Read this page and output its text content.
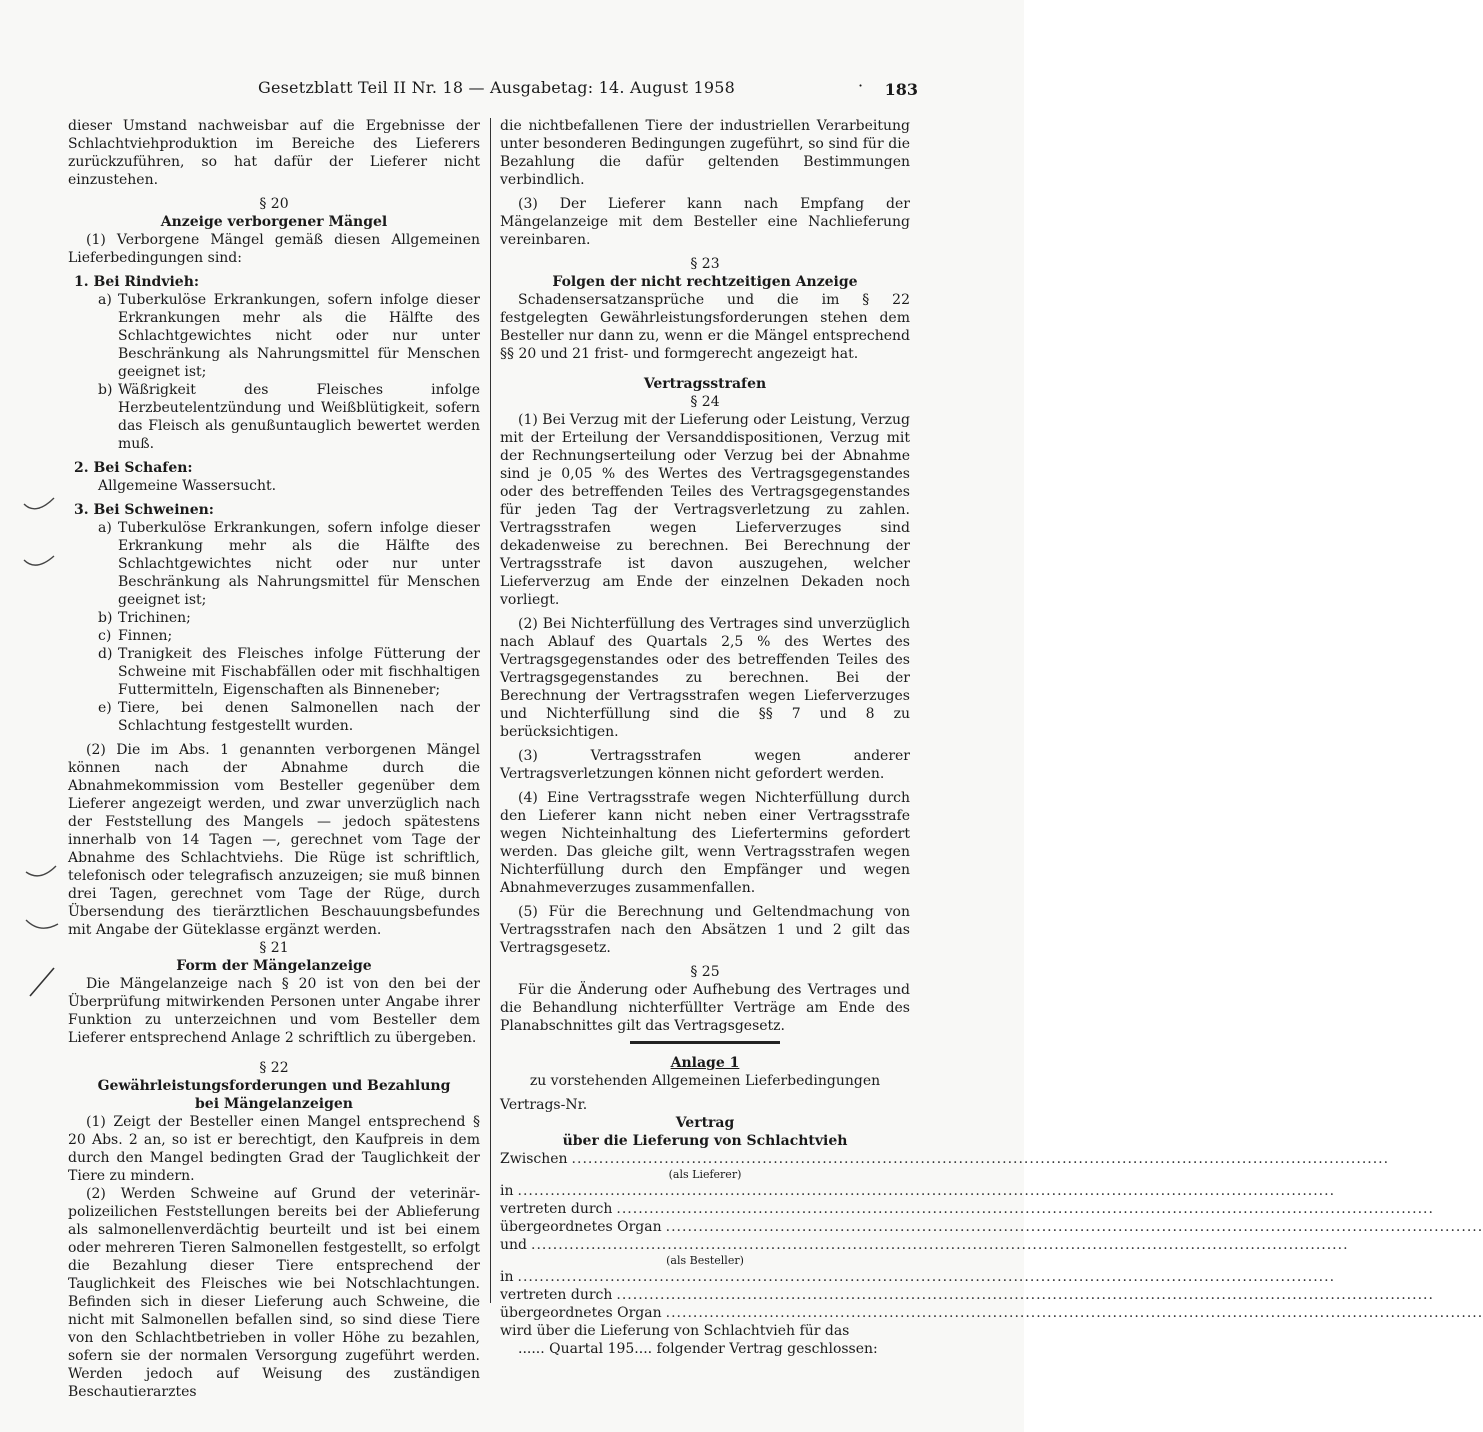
Gesetzblatt Teil II Nr. 18 — Ausgabetag: 14. August 1958	· 183

dieser Umstand nachweisbar auf die Ergebnisse der Schlachtviehproduktion im Bereiche des Lieferers zurückzuführen, so hat dafür der Lieferer nicht einzustehen.

§ 20

Anzeige verborgener Mängel

(1) Verborgene Mängel gemäß diesen Allgemeinen Lieferbedingungen sind:

1. Bei Rindvieh:

a) Tuberkulöse Erkrankungen, sofern infolge dieser Erkrankungen mehr als die Hälfte des Schlachtgewichtes nicht oder nur unter Beschränkung als Nahrungsmittel für Menschen geeignet ist;
b) Wäßrigkeit des Fleisches infolge Herzbeutelentzündung und Weißblütigkeit, sofern das Fleisch als genußuntauglich bewertet werden muß.

2. Bei Schafen:

Allgemeine Wassersucht.

3. Bei Schweinen:

a) Tuberkulöse Erkrankungen, sofern infolge dieser Erkrankung mehr als die Hälfte des Schlachtgewichtes nicht oder nur unter Beschränkung als Nahrungsmittel für Menschen geeignet ist;
b) Trichinen;
c) Finnen;
d) Tranigkeit des Fleisches infolge Fütterung der Schweine mit Fischabfällen oder mit fischhaltigen Futtermitteln, Eigenschaften als Binneneber;
e) Tiere, bei denen Salmonellen nach der Schlachtung festgestellt wurden.

(2) Die im Abs. 1 genannten verborgenen Mängel können nach der Abnahme durch die Abnahmekommission vom Besteller gegenüber dem Lieferer angezeigt werden, und zwar unverzüglich nach der Feststellung des Mangels — jedoch spätestens innerhalb von 14 Tagen —, gerechnet vom Tage der Abnahme des Schlachtviehs. Die Rüge ist schriftlich, telefonisch oder telegrafisch anzuzeigen; sie muß binnen drei Tagen, gerechnet vom Tage der Rüge, durch Übersendung des tierärztlichen Beschauungsbefundes mit Angabe der Güteklasse ergänzt werden.

§ 21

Form der Mängelanzeige

Die Mängelanzeige nach § 20 ist von den bei der Überprüfung mitwirkenden Personen unter Angabe ihrer Funktion zu unterzeichnen und vom Besteller dem Lieferer entsprechend Anlage 2 schriftlich zu übergeben.

§ 22

Gewährleistungsforderungen und Bezahlung

bei Mängelanzeigen

(1) Zeigt der Besteller einen Mangel entsprechend § 20 Abs. 2 an, so ist er berechtigt, den Kaufpreis in dem durch den Mangel bedingten Grad der Tauglichkeit der Tiere zu mindern.

(2) Werden Schweine auf Grund der veterinär-polizeilichen Feststellungen bereits bei der Ablieferung als salmonellenverdächtig beurteilt und ist bei einem oder mehreren Tieren Salmonellen festgestellt, so erfolgt die Bezahlung dieser Tiere entsprechend der Tauglichkeit des Fleisches wie bei Notschlachtungen. Befinden sich in dieser Lieferung auch Schweine, die nicht mit Salmonellen befallen sind, so sind diese Tiere von den Schlachtbetrieben in voller Höhe zu bezahlen, sofern sie der normalen Versorgung zugeführt werden. Werden jedoch auf Weisung des zuständigen Beschautierarztes

die nichtbefallenen Tiere der industriellen Verarbeitung unter besonderen Bedingungen zugeführt, so sind für die Bezahlung die dafür geltenden Bestimmungen verbindlich.

(3) Der Lieferer kann nach Empfang der Mängelanzeige mit dem Besteller eine Nachlieferung vereinbaren.

§ 23

Folgen der nicht rechtzeitigen Anzeige

Schadensersatzansprüche und die im § 22 festgelegten Gewährleistungsforderungen stehen dem Besteller nur dann zu, wenn er die Mängel entsprechend §§ 20 und 21 frist- und formgerecht angezeigt hat.

Vertragsstrafen

§ 24

(1) Bei Verzug mit der Lieferung oder Leistung, Verzug mit der Erteilung der Versanddispositionen, Verzug mit der Rechnungserteilung oder Verzug bei der Abnahme sind je 0,05 % des Wertes des Vertragsgegenstandes oder des betreffenden Teiles des Vertragsgegenstandes für jeden Tag der Vertragsverletzung zu zahlen. Vertragsstrafen wegen Lieferverzuges sind dekadenweise zu berechnen. Bei Berechnung der Vertragsstrafe ist davon auszugehen, welcher Lieferverzug am Ende der einzelnen Dekaden noch vorliegt.

(2) Bei Nichterfüllung des Vertrages sind unverzüglich nach Ablauf des Quartals 2,5 % des Wertes des Vertragsgegenstandes oder des betreffenden Teiles des Vertragsgegenstandes zu berechnen. Bei der Berechnung der Vertragsstrafen wegen Lieferverzuges und Nichterfüllung sind die §§ 7 und 8 zu berücksichtigen.

(3) Vertragsstrafen wegen anderer Vertragsverletzungen können nicht gefordert werden.

(4) Eine Vertragsstrafe wegen Nichterfüllung durch den Lieferer kann nicht neben einer Vertragsstrafe wegen Nichteinhaltung des Liefertermins gefordert werden. Das gleiche gilt, wenn Vertragsstrafen wegen Nichterfüllung durch den Empfänger und wegen Abnahmeverzuges zusammenfallen.

(5) Für die Berechnung und Geltendmachung von Vertragsstrafen nach den Absätzen 1 und 2 gilt das Vertragsgesetz.

§ 25

Für die Änderung oder Aufhebung des Vertrages und die Behandlung nichterfüllter Verträge am Ende des Planabschnittes gilt das Vertragsgesetz.

Anlage 1

zu vorstehenden Allgemeinen Lieferbedingungen

Vertrags-Nr.

Vertrag

über die Lieferung von Schlachtvieh

Zwischen ......................................................................................................................................................

(als Lieferer)

in ......................................................................................................................................................
vertreten durch ......................................................................................................................................................
übergeordnetes Organ ......................................................................................................................................................
und ......................................................................................................................................................

(als Besteller)

in ......................................................................................................................................................
vertreten durch ......................................................................................................................................................
übergeordnetes Organ ......................................................................................................................................................

wird über die Lieferung von Schlachtvieh für das

...... Quartal 195.... folgender Vertrag geschlossen:
